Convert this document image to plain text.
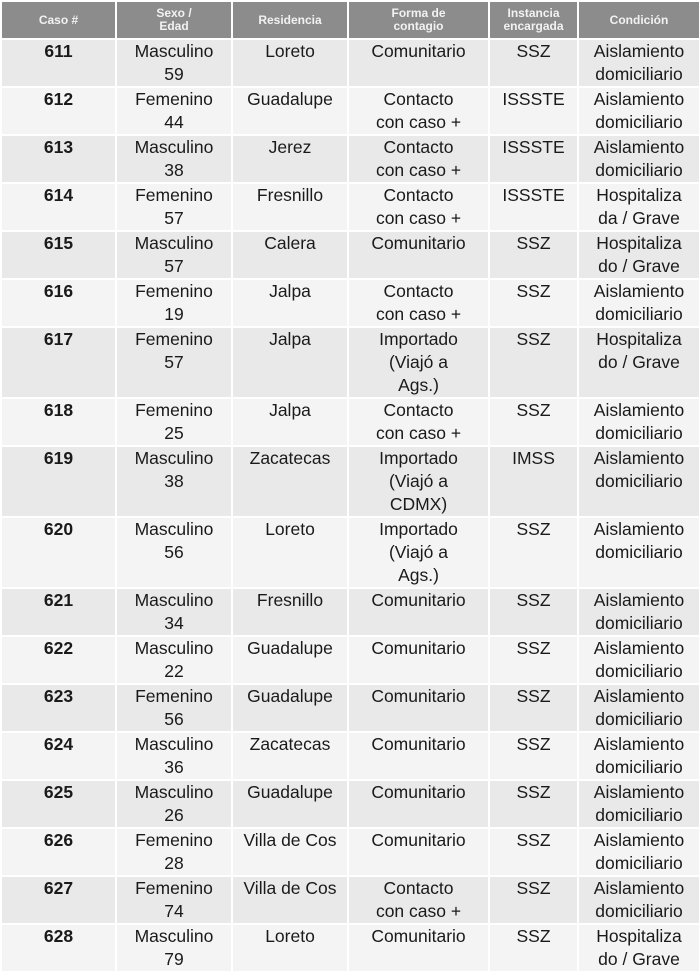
Caso #	Sexo /
Edad	Residencia	Forma de
contagio	Instancia
encargada	Condición
611	Masculino
59	Loreto	Comunitario	SSZ	Aislamiento
domiciliario
612	Femenino
44	Guadalupe	Contacto
con caso +	ISSSTE	Aislamiento
domiciliario
613	Masculino
38	Jerez	Contacto
con caso +	ISSSTE	Aislamiento
domiciliario
614	Femenino
57	Fresnillo	Contacto
con caso +	ISSSTE	Hospitaliza
da / Grave
615	Masculino
57	Calera	Comunitario	SSZ	Hospitaliza
do / Grave
616	Femenino
19	Jalpa	Contacto
con caso +	SSZ	Aislamiento
domiciliario
617	Femenino
57	Jalpa	Importado
(Viajó a
Ags.)	SSZ	Hospitaliza
do / Grave
618	Femenino
25	Jalpa	Contacto
con caso +	SSZ	Aislamiento
domiciliario
619	Masculino
38	Zacatecas	Importado
(Viajó a
CDMX)	IMSS	Aislamiento
domiciliario
620	Masculino
56	Loreto	Importado
(Viajó a
Ags.)	SSZ	Aislamiento
domiciliario
621	Masculino
34	Fresnillo	Comunitario	SSZ	Aislamiento
domiciliario
622	Masculino
22	Guadalupe	Comunitario	SSZ	Aislamiento
domiciliario
623	Femenino
56	Guadalupe	Comunitario	SSZ	Aislamiento
domiciliario
624	Masculino
36	Zacatecas	Comunitario	SSZ	Aislamiento
domiciliario
625	Masculino
26	Guadalupe	Comunitario	SSZ	Aislamiento
domiciliario
626	Femenino
28	Villa de Cos	Comunitario	SSZ	Aislamiento
domiciliario
627	Femenino
74	Villa de Cos	Contacto
con caso +	SSZ	Aislamiento
domiciliario
628	Masculino
79	Loreto	Comunitario	SSZ	Hospitaliza
do / Grave
